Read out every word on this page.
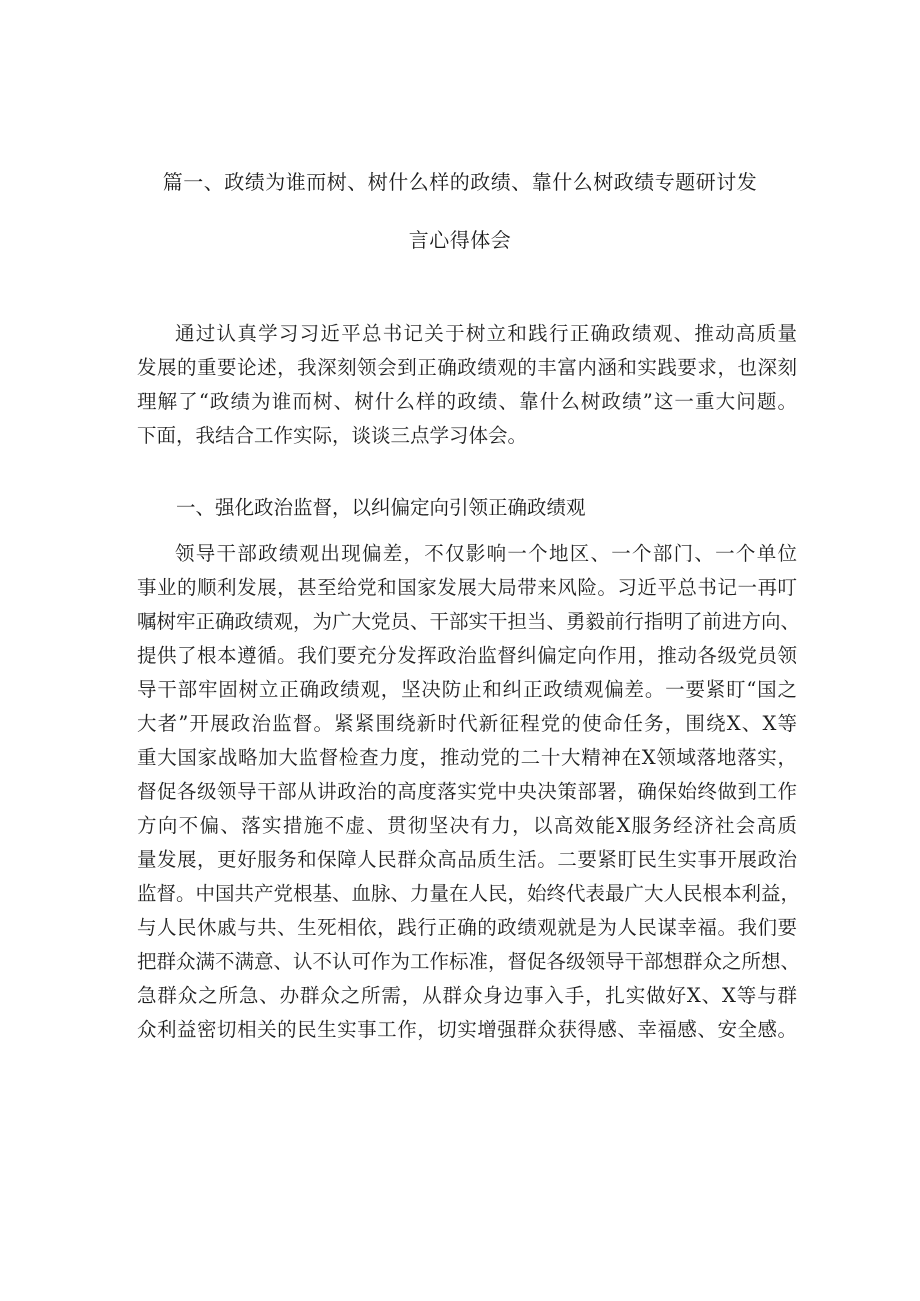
篇一、政绩为谁而树、树什么样的政绩、靠什么树政绩专题研讨发
言心得体会
通过认真学习习近平总书记关于树立和践行正确政绩观、推动高质量
发展的重要论述，我深刻领会到正确政绩观的丰富内涵和实践要求，也深刻
理解了“政绩为谁而树、树什么样的政绩、靠什么树政绩”这一重大问题。
下面，我结合工作实际，谈谈三点学习体会。
一、强化政治监督，以纠偏定向引领正确政绩观
领导干部政绩观出现偏差，不仅影响一个地区、一个部门、一个单位
事业的顺利发展，甚至给党和国家发展大局带来风险。习近平总书记一再叮
嘱树牢正确政绩观，为广大党员、干部实干担当、勇毅前行指明了前进方向、
提供了根本遵循。我们要充分发挥政治监督纠偏定向作用，推动各级党员领
导干部牢固树立正确政绩观，坚决防止和纠正政绩观偏差。一要紧盯“国之
大者”开展政治监督。紧紧围绕新时代新征程党的使命任务，围绕X、X等
重大国家战略加大监督检查力度，推动党的二十大精神在X领域落地落实，
督促各级领导干部从讲政治的高度落实党中央决策部署，确保始终做到工作
方向不偏、落实措施不虚、贯彻坚决有力，以高效能X服务经济社会高质
量发展，更好服务和保障人民群众高品质生活。二要紧盯民生实事开展政治
监督。中国共产党根基、血脉、力量在人民，始终代表最广大人民根本利益，
与人民休戚与共、生死相依，践行正确的政绩观就是为人民谋幸福。我们要
把群众满不满意、认不认可作为工作标准，督促各级领导干部想群众之所想、
急群众之所急、办群众之所需，从群众身边事入手，扎实做好X、X等与群
众利益密切相关的民生实事工作，切实增强群众获得感、幸福感、安全感。
